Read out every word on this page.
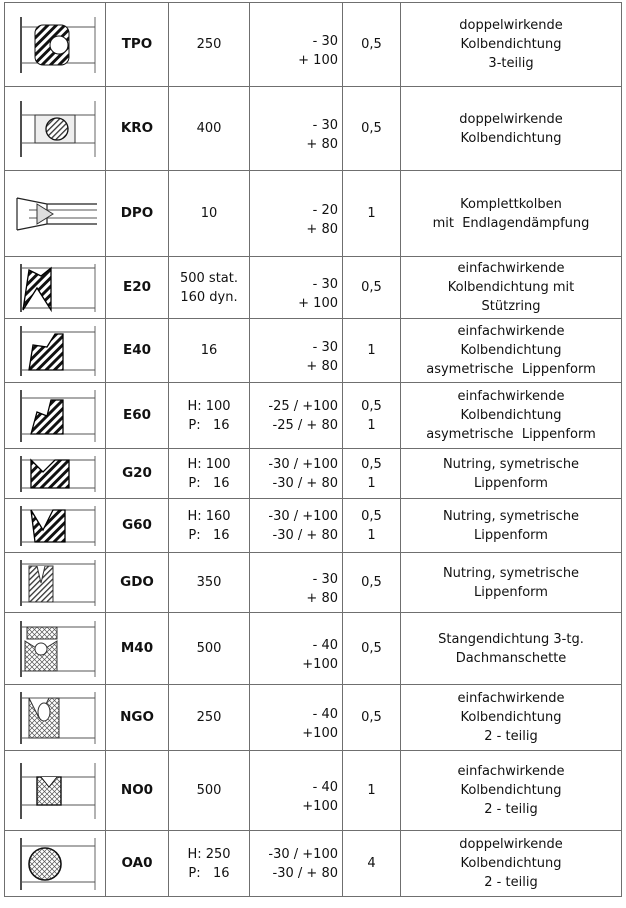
	TPO	250	- 30
+ 100	0,5	doppelwirkende
Kolbendichtung
3-teilig

	KRO	400	- 30
+ 80	0,5	doppelwirkende
Kolbendichtung

	DPO	10	- 20
+ 80	1	Komplettkolben
mit  Endlagendämpfung

	E20	500 stat.
160 dyn.	- 30
+ 100	0,5	einfachwirkende
Kolbendichtung mit
Stützring

	E40	16	- 30
+ 80	1	einfachwirkende
Kolbendichtung
asymetrische  Lippenform

	E60	H: 100
P:   16	-25 / +100
-25 / + 80	0,5
1	einfachwirkende
Kolbendichtung
asymetrische  Lippenform

	G20	H: 100
P:   16	-30 / +100
-30 / + 80	0,5
1	Nutring, symetrische
Lippenform

	G60	H: 160
P:   16	-30 / +100
-30 / + 80	0,5
1	Nutring, symetrische
Lippenform

	GDO	350	- 30
+ 80	0,5	Nutring, symetrische
Lippenform

	M40	500	- 40
+100	0,5	Stangendichtung 3-tg.
Dachmanschette

	NGO	250	- 40
+100	0,5	einfachwirkende
Kolbendichtung
2 - teilig

	NO0	500	- 40
+100	1	einfachwirkende
Kolbendichtung
2 - teilig

	OA0	H: 250
P:   16	-30 / +100
-30 / + 80	4	doppelwirkende
Kolbendichtung
2 - teilig
